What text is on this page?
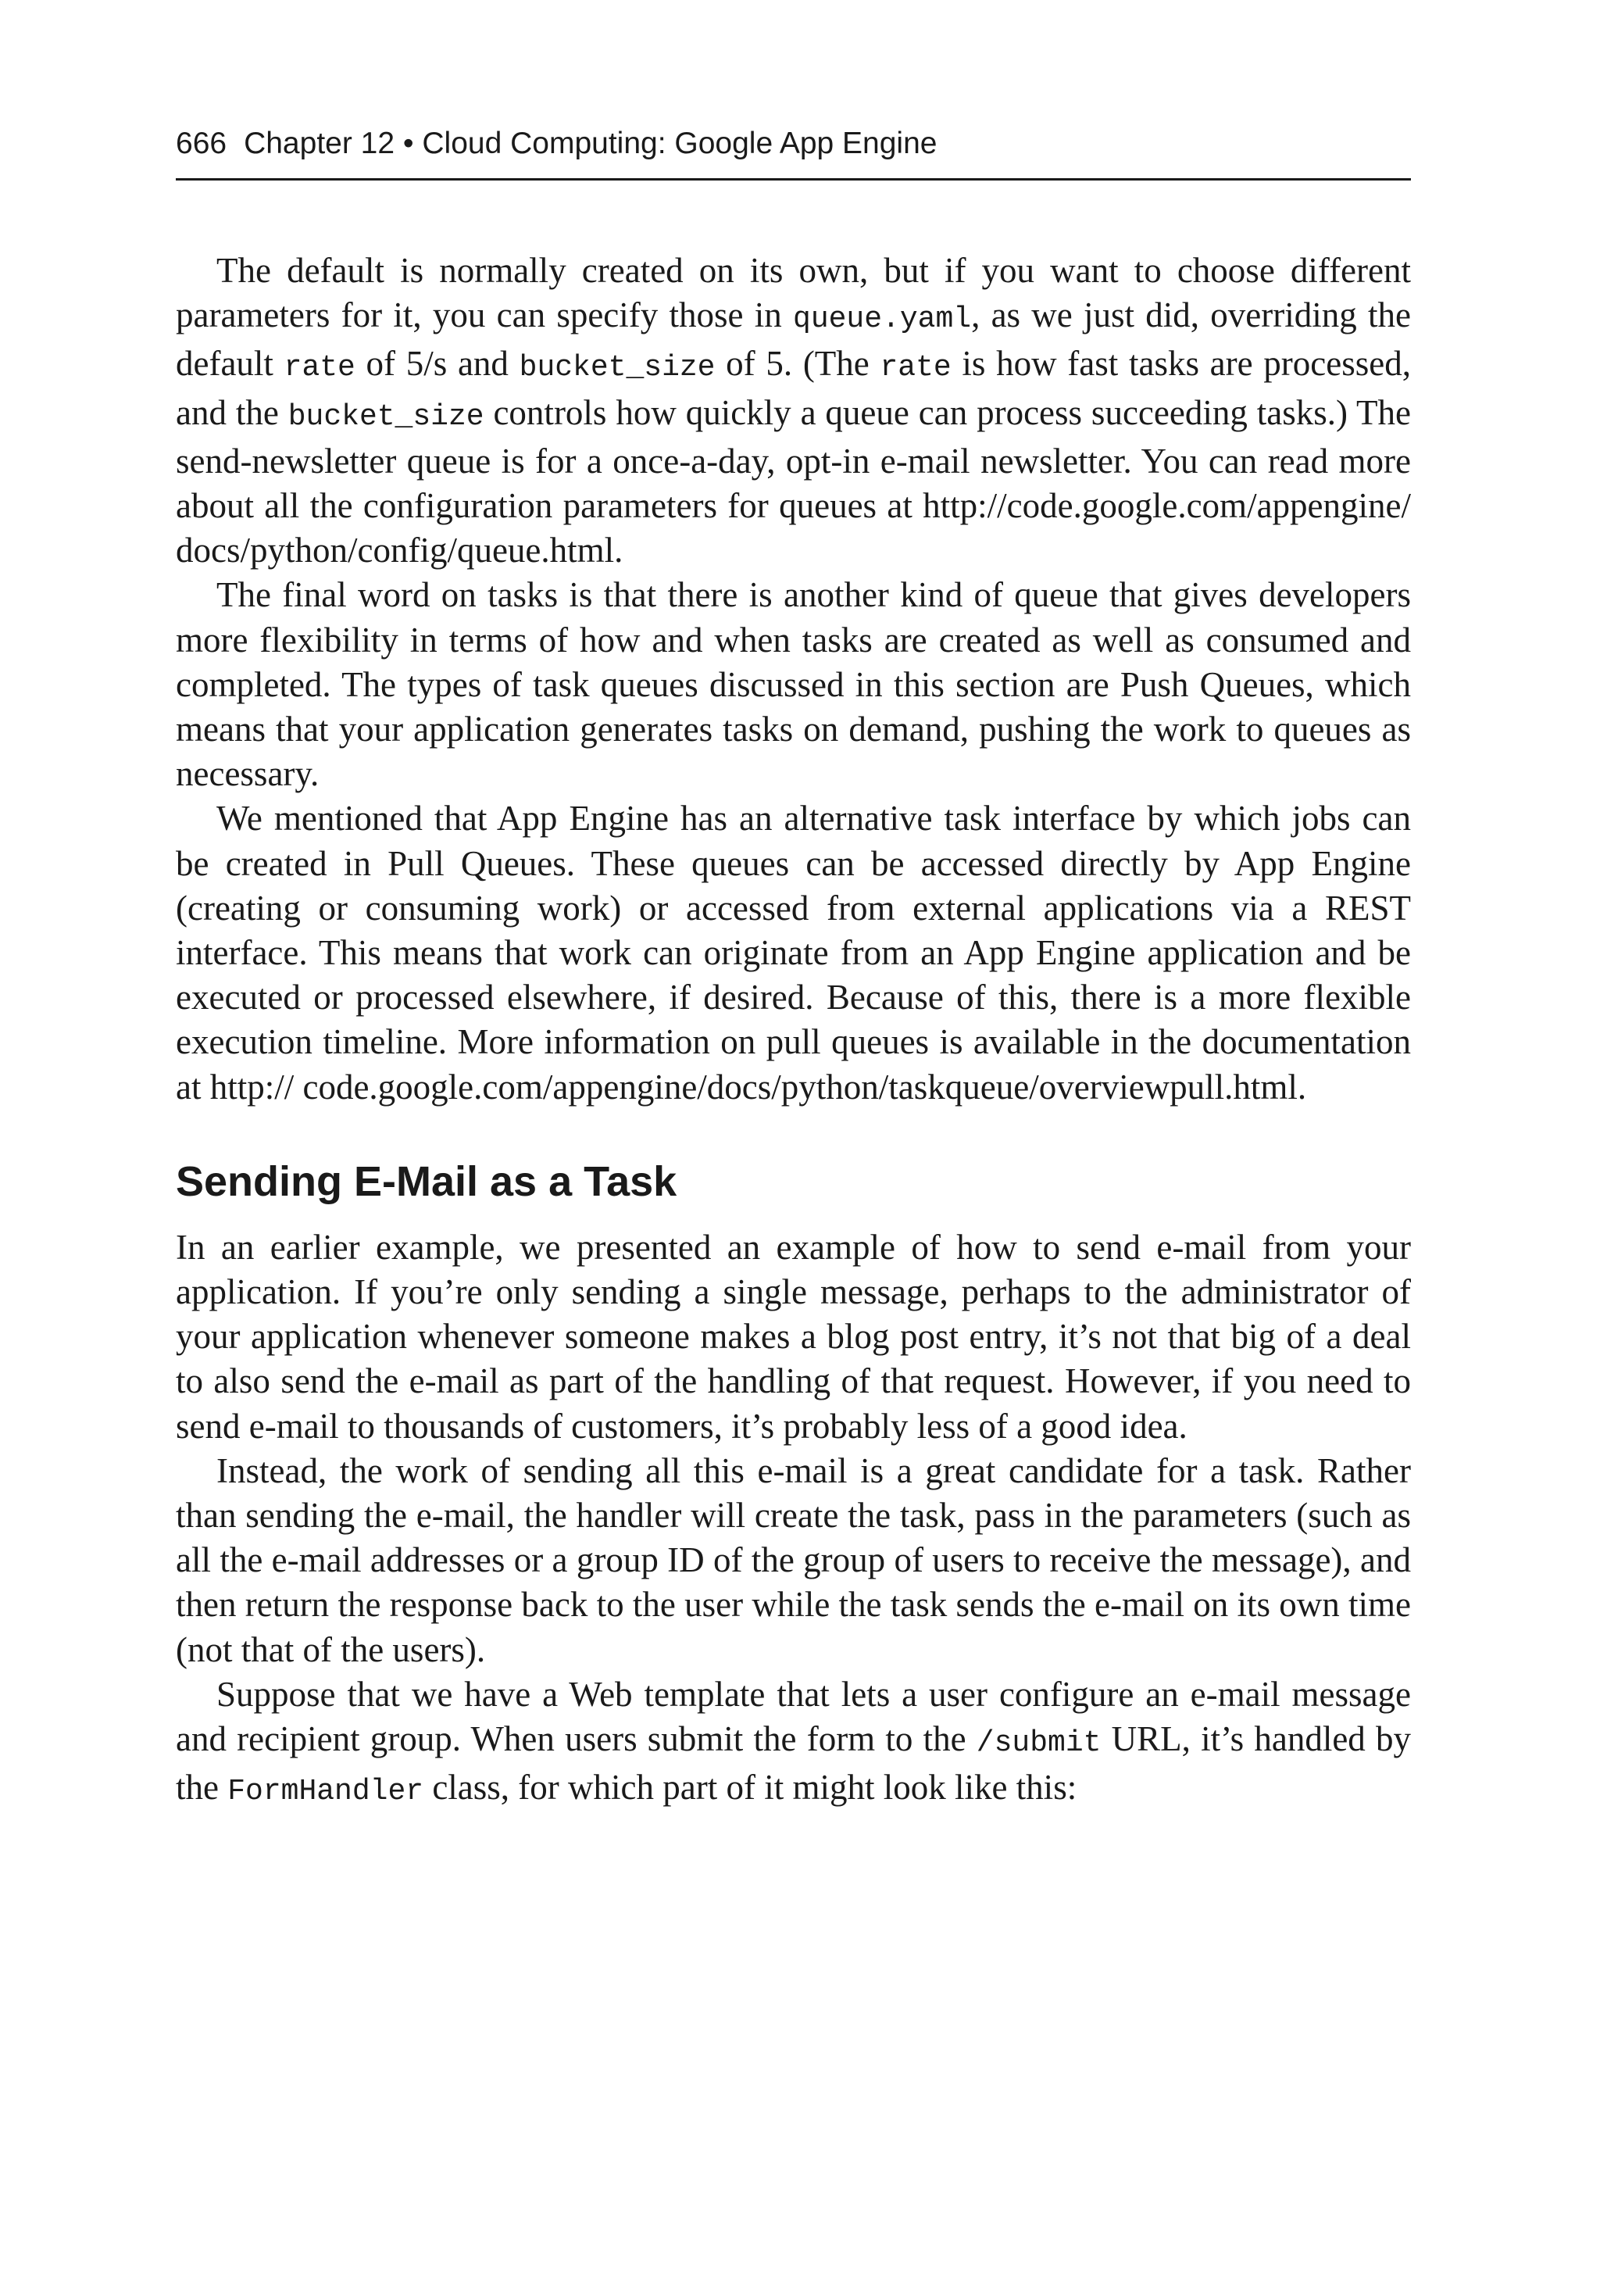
666 Chapter 12 • Cloud Computing: Google App Engine

The default is normally created on its own, but if you want to choose different parameters for it, you can specify those in queue.yaml, as we just did, overriding the default rate of 5/s and bucket_size of 5. (The rate is how fast tasks are processed, and the bucket_size controls how quickly a queue can process succeeding tasks.) The send-newsletter queue is for a once-a-day, opt-in e-mail newsletter. You can read more about all the configuration parameters for queues at http://code.google.com/appengine/ docs/python/config/queue.html.

The final word on tasks is that there is another kind of queue that gives developers more flexibility in terms of how and when tasks are created as well as consumed and completed. The types of task queues discussed in this section are Push Queues, which means that your application generates tasks on demand, pushing the work to queues as necessary.

We mentioned that App Engine has an alternative task interface by which jobs can be created in Pull Queues. These queues can be accessed directly by App Engine (creating or consuming work) or accessed from external applications via a REST interface. This means that work can originate from an App Engine application and be executed or processed elsewhere, if desired. Because of this, there is a more flexible execution timeline. More information on pull queues is available in the documentation at http:// code.google.com/appengine/docs/python/taskqueue/overviewpull.html.

Sending E-Mail as a Task

In an earlier example, we presented an example of how to send e-mail from your application. If you’re only sending a single message, perhaps to the administrator of your application whenever someone makes a blog post entry, it’s not that big of a deal to also send the e-mail as part of the handling of that request. However, if you need to send e-mail to thousands of customers, it’s probably less of a good idea.

Instead, the work of sending all this e-mail is a great candidate for a task. Rather than sending the e-mail, the handler will create the task, pass in the parameters (such as all the e-mail addresses or a group ID of the group of users to receive the message), and then return the response back to the user while the task sends the e-mail on its own time (not that of the users).

Suppose that we have a Web template that lets a user configure an e-mail message and recipient group. When users submit the form to the /submit URL, it’s handled by the FormHandler class, for which part of it might look like this:
